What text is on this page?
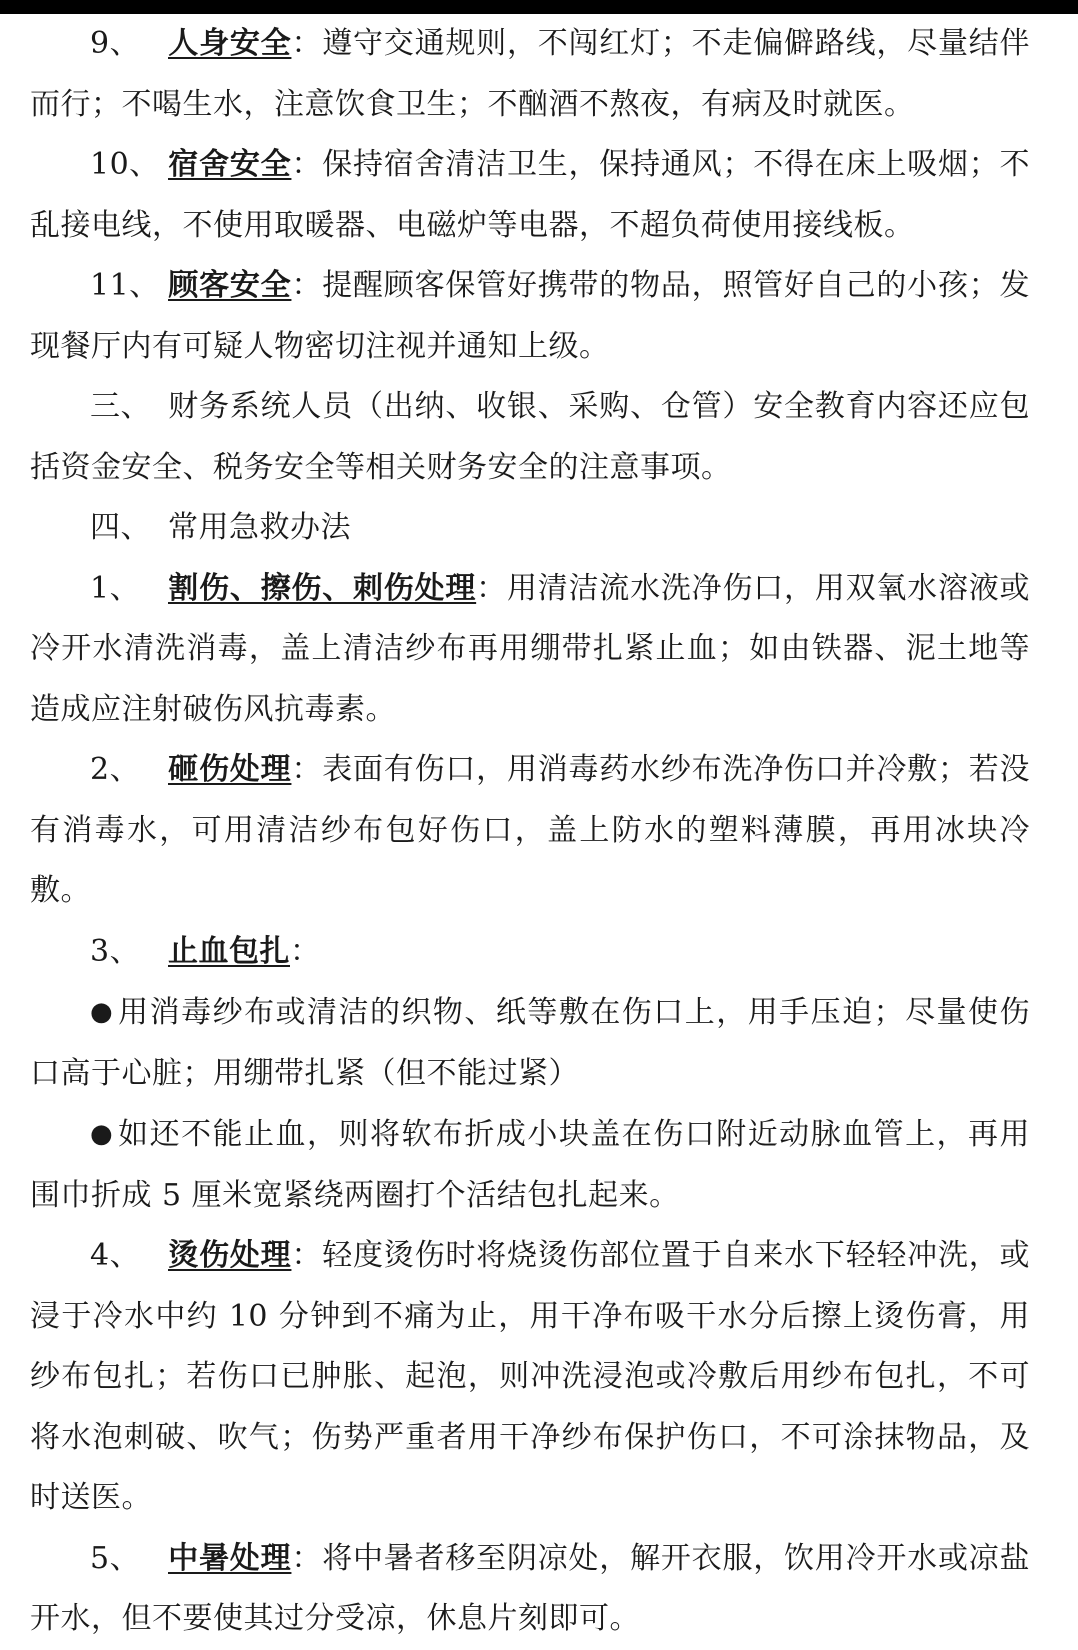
9、 人身安全：遵守交通规则，不闯红灯；不走偏僻路线，尽量结伴而行；不喝生水，注意饮食卫生；不酗酒不熬夜，有病及时就医。

10、 宿舍安全：保持宿舍清洁卫生，保持通风；不得在床上吸烟；不乱接电线，不使用取暖器、电磁炉等电器，不超负荷使用接线板。

11、 顾客安全：提醒顾客保管好携带的物品，照管好自己的小孩；发现餐厅内有可疑人物密切注视并通知上级。

三、 财务系统人员（出纳、收银、采购、仓管）安全教育内容还应包括资金安全、税务安全等相关财务安全的注意事项。

四、 常用急救办法

1、 割伤、擦伤、刺伤处理：用清洁流水洗净伤口，用双氧水溶液或冷开水清洗消毒，盖上清洁纱布再用绷带扎紧止血；如由铁器、泥土地等造成应注射破伤风抗毒素。

2、 砸伤处理：表面有伤口，用消毒药水纱布洗净伤口并冷敷；若没有消毒水，可用清洁纱布包好伤口，盖上防水的塑料薄膜，再用冰块冷敷。

3、 止血包扎：

● 用消毒纱布或清洁的织物、纸等敷在伤口上，用手压迫；尽量使伤口高于心脏；用绷带扎紧（但不能过紧）

● 如还不能止血，则将软布折成小块盖在伤口附近动脉血管上，再用围巾折成 5 厘米宽紧绕两圈打个活结包扎起来。

4、 烫伤处理：轻度烫伤时将烧烫伤部位置于自来水下轻轻冲洗，或浸于冷水中约 10 分钟到不痛为止，用干净布吸干水分后擦上烫伤膏，用纱布包扎；若伤口已肿胀、起泡，则冲洗浸泡或冷敷后用纱布包扎，不可将水泡刺破、吹气；伤势严重者用干净纱布保护伤口，不可涂抹物品，及时送医。

5、 中暑处理：将中暑者移至阴凉处，解开衣服，饮用冷开水或凉盐开水，但不要使其过分受凉，休息片刻即可。
